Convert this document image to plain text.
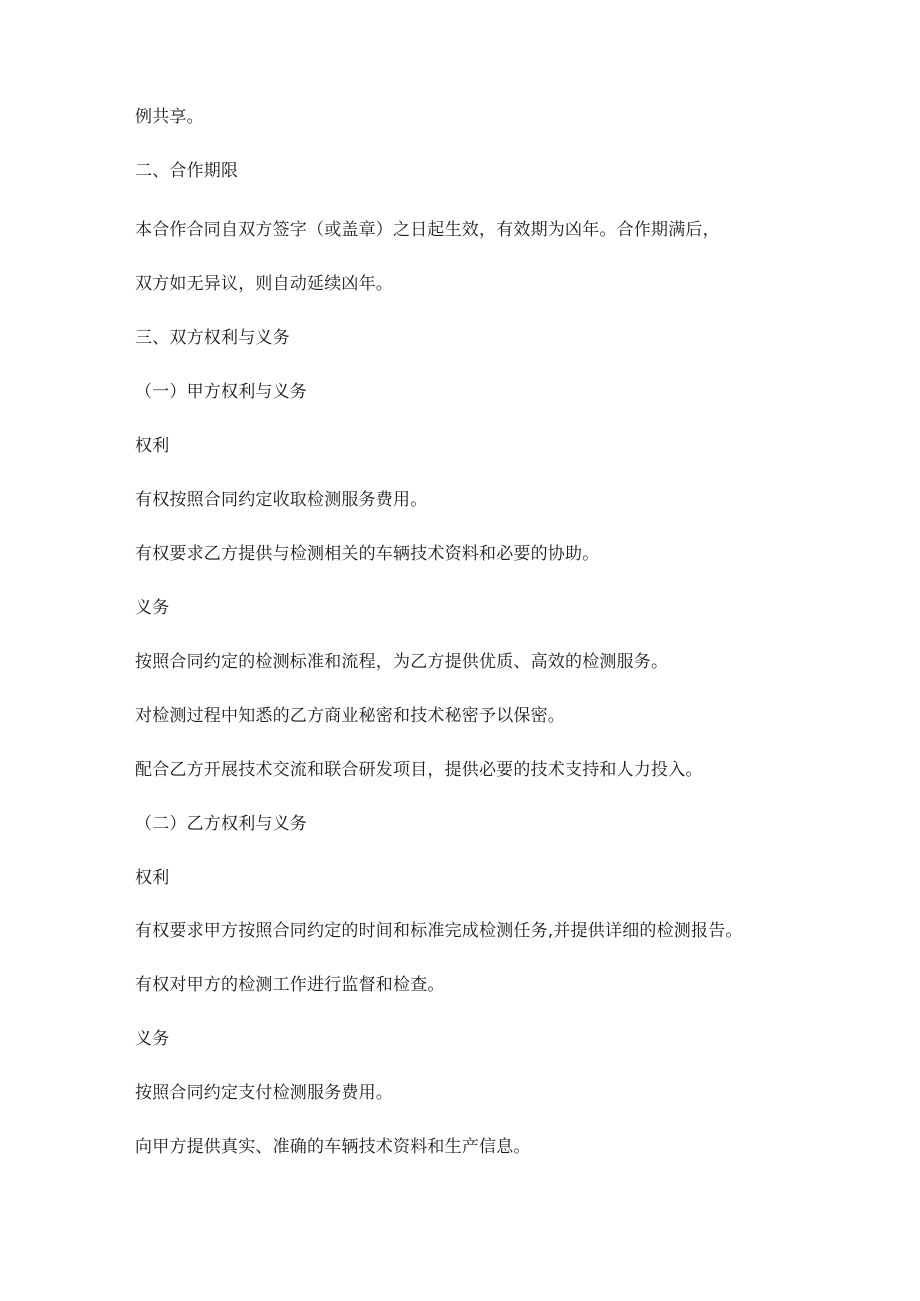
例共享。
二、合作期限
本合作合同自双方签字（或盖章）之日起生效，有效期为凶年。合作期满后，
双方如无异议，则自动延续凶年。
三、双方权利与义务
（一）甲方权利与义务
权利
有权按照合同约定收取检测服务费用。
有权要求乙方提供与检测相关的车辆技术资料和必要的协助。
义务
按照合同约定的检测标准和流程，为乙方提供优质、高效的检测服务。
对检测过程中知悉的乙方商业秘密和技术秘密予以保密。
配合乙方开展技术交流和联合研发项目，提供必要的技术支持和人力投入。
（二）乙方权利与义务
权利
有权要求甲方按照合同约定的时间和标准完成检测任务,并提供详细的检测报告。
有权对甲方的检测工作进行监督和检查。
义务
按照合同约定支付检测服务费用。
向甲方提供真实、准确的车辆技术资料和生产信息。
